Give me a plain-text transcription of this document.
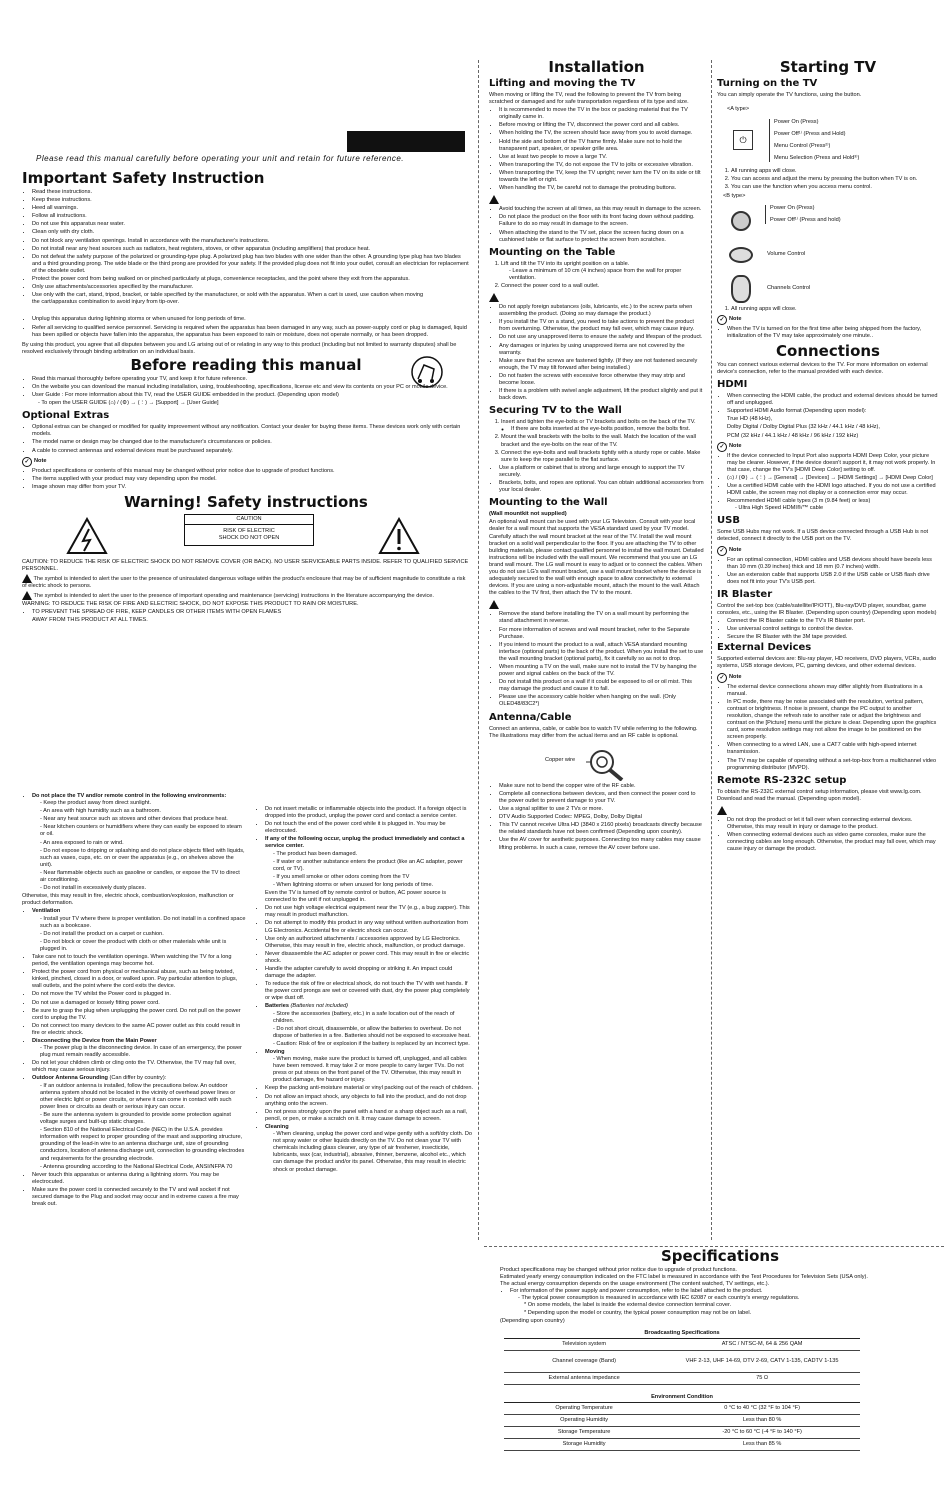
Please read this manual carefully before operating your unit and retain for future reference.
Important Safety Instruction
• Read these instructions.
• Keep these instructions.
• Heed all warnings.
• Follow all instructions.
• Do not use this apparatus near water.
• Clean only with dry cloth.
• Do not block any ventilation openings. Install in accordance with the manufacturer's instructions.
• Do not install near any heat sources such as radiators, heat registers, stoves, or other apparatus (including amplifiers) that produce heat.
• Do not defeat the safety purpose of the polarized or grounding-type plug. A polarized plug has two blades with one wider than the other. A grounding type plug has two blades and a third grounding prong. The wide blade or the third prong are provided for your safety. If the provided plug does not fit into your outlet, consult an electrician for replacement of the obsolete outlet.
• Protect the power cord from being walked on or pinched particularly at plugs, convenience receptacles, and the point where they exit from the apparatus.
• Only use attachments/accessories specified by the manufacturer.
• Use only with the cart, stand, tripod, bracket, or table specified by the manufacturer, or sold with the apparatus. When a cart is used, use caution when moving the cart/apparatus combination to avoid injury from tip-over.
• Unplug this apparatus during lightning storms or when unused for long periods of time.
• Refer all servicing to qualified service personnel. Servicing is required when the apparatus has been damaged in any way, such as power-supply cord or plug is damaged, liquid has been spilled or objects have fallen into the apparatus, the apparatus has been exposed to rain or moisture, does not operate normally, or has been dropped.

By using this product, you agree that all disputes between you and LG arising out of or relating in any way to this product (including but not limited to warranty disputes) shall be resolved exclusively through binding arbitration on an individual basis.

Before reading this manual
• Read this manual thoroughly before operating your TV, and keep it for future reference.
• On the website you can download the manual including installation, using, troubleshooting, specifications, license etc and view its contents on your PC or mobile device.
• User Guide : For more information about this TV, read the USER GUIDE embedded in the product. (Depending upon model)
- To open the USER GUIDE (⌂) / (⚙) → (⋮) → [Support] → [User Guide]
Optional Extras
• Optional extras can be changed or modified for quality improvement without any notification. Contact your dealer for buying these items. These devices work only with certain models.
• The model name or design may be changed due to the manufacturer's circumstances or policies.
• A cable to connect antennas and external devices must be purchased separately.
✓ Note
• Product specifications or contents of this manual may be changed without prior notice due to upgrade of product functions.
• The items supplied with your product may vary depending upon the model.
• Image shown may differ from your TV.
Warning! Safety instructions
CAUTION
RISK OF ELECTRIC SHOCK DO NOT OPEN

CAUTION: TO REDUCE THE RISK OF ELECTRIC SHOCK DO NOT REMOVE COVER (OR BACK). NO USER SERVICEABLE PARTS INSIDE. REFER TO QUALIFIED SERVICE PERSONNEL.

The symbol is intended to alert the user to the presence of uninsulated dangerous voltage within the product's enclosure that may be of sufficient magnitude to constitute a risk of electric shock to persons.

The symbol is intended to alert the user to the presence of important operating and maintenance (servicing) instructions in the literature accompanying the device.

WARNING: TO REDUCE THE RISK OF FIRE AND ELECTRIC SHOCK, DO NOT EXPOSE THIS PRODUCT TO RAIN OR MOISTURE.

• TO PREVENT THE SPREAD OF FIRE, KEEP CANDLES OR OTHER ITEMS WITH OPEN FLAMES AWAY FROM THIS PRODUCT AT ALL TIMES.
• Do not place the TV and/or remote control in the following environments:
- Keep the product away from direct sunlight.
- An area with high humidity such as a bathroom.
- Near any heat source such as stoves and other devices that produce heat.
- Near kitchen counters or humidifiers where they can easily be exposed to steam or oil.
- An area exposed to rain or wind.
- Do not expose to dripping or splashing and do not place objects filled with liquids, such as vases, cups, etc. on or over the apparatus (e.g., on shelves above the unit).
- Near flammable objects such as gasoline or candles, or expose the TV to direct air conditioning.
- Do not install in excessively dusty places.

Otherwise, this may result in fire, electric shock, combustion/explosion, malfunction or product deformation.

• Ventilation
- Install your TV where there is proper ventilation. Do not install in a confined space such as a bookcase.
- Do not install the product on a carpet or cushion.
- Do not block or cover the product with cloth or other materials while unit is plugged in.
• Take care not to touch the ventilation openings. When watching the TV for a long period, the ventilation openings may become hot.
• Protect the power cord from physical or mechanical abuse, such as being twisted, kinked, pinched, closed in a door, or walked upon. Pay particular attention to plugs, wall outlets, and the point where the cord exits the device.
• Do not move the TV whilst the Power cord is plugged in.
• Do not use a damaged or loosely fitting power cord.
• Be sure to grasp the plug when unplugging the power cord. Do not pull on the power cord to unplug the TV.
• Do not connect too many devices to the same AC power outlet as this could result in fire or electric shock.
• Disconnecting the Device from the Main Power
- The power plug is the disconnecting device. In case of an emergency, the power plug must remain readily accessible.
• Do not let your children climb or cling onto the TV. Otherwise, the TV may fall over, which may cause serious injury.
• Outdoor Antenna Grounding (Can differ by country):
- If an outdoor antenna is installed, follow the precautions below. An outdoor antenna system should not be located in the vicinity of overhead power lines or other electric light or power circuits, or where it can come in contact with such power lines or circuits as death or serious injury can occur.
- Be sure the antenna system is grounded to provide some protection against voltage surges and built-up static charges.
- Section 810 of the National Electrical Code (NEC) in the U.S.A. provides information with respect to proper grounding of the mast and supporting structure, grounding of the lead-in wire to an antenna discharge unit, size of grounding conductors, location of antenna discharge unit, connection to grounding electrodes and requirements for the grounding electrode.
- Antenna grounding according to the National Electrical Code, ANSI/NFPA 70
• Never touch this apparatus or antenna during a lightning storm. You may be electrocuted.
• Make sure the power cord is connected securely to the TV and wall socket if not secured damage to the Plug and socket may occur and in extreme cases a fire may break out.
• Do not insert metallic or inflammable objects into the product. If a foreign object is dropped into the product, unplug the power cord and contact a service center.
• Do not touch the end of the power cord while it is plugged in. You may be electrocuted.
• If any of the following occur, unplug the product immediately and contact a service center.
- The product has been damaged.
- If water or another substance enters the product (like an AC adapter, power cord, or TV).
- If you smell smoke or other odors coming from the TV
- When lightning storms or when unused for long periods of time.

Even the TV is turned off by remote control or button, AC power source is connected to the unit if not unplugged in.

• Do not use high voltage electrical equipment near the TV (e.g., a bug zapper). This may result in product malfunction.
• Do not attempt to modify this product in any way without written authorization from LG Electronics. Accidental fire or electric shock can occur.
• Use only an authorized attachments / accessories approved by LG Electronics. Otherwise, this may result in fire, electric shock, malfunction, or product damage.
• Never disassemble the AC adapter or power cord. This may result in fire or electric shock.
• Handle the adapter carefully to avoid dropping or striking it. An impact could damage the adapter.
• To reduce the risk of fire or electrical shock, do not touch the TV with wet hands. If the power cord prongs are wet or covered with dust, dry the power plug completely or wipe dust off.
• Batteries (Batteries not included)
- Store the accessories (battery, etc.) in a safe location out of the reach of children.
- Do not short circuit, disassemble, or allow the batteries to overheat. Do not dispose of batteries in a fire. Batteries should not be exposed to excessive heat.
- Caution: Risk of fire or explosion if the battery is replaced by an incorrect type.
• Moving
- When moving, make sure the product is turned off, unplugged, and all cables have been removed. It may take 2 or more people to carry larger TVs. Do not press or put stress on the front panel of the TV. Otherwise, this may result in product damage, fire hazard or injury.
• Keep the packing anti-moisture material or vinyl packing out of the reach of children.
• Do not allow an impact shock, any objects to fall into the product, and do not drop anything onto the screen.
• Do not press strongly upon the panel with a hand or a sharp object such as a nail, pencil, or pen, or make a scratch on it. It may cause damage to screen.
• Cleaning
- When cleaning, unplug the power cord and wipe gently with a soft/dry cloth. Do not spray water or other liquids directly on the TV. Do not clean your TV with chemicals including glass cleaner, any type of air freshener, insecticide, lubricants, wax (car, industrial), abrasive, thinner, benzene, alcohol etc., which can damage the product and/or its panel. Otherwise, this may result in electric shock or product damage.
Installation
Lifting and moving the TV

When moving or lifting the TV, read the following to prevent the TV from being scratched or damaged and for safe transportation regardless of its type and size.

• It is recommended to move the TV in the box or packing material that the TV originally came in.
• Before moving or lifting the TV, disconnect the power cord and all cables.
• When holding the TV, the screen should face away from you to avoid damage.
• Hold the side and bottom of the TV frame firmly. Make sure not to hold the transparent part, speaker, or speaker grille area.
• Use at least two people to move a large TV.
• When transporting the TV, do not expose the TV to jolts or excessive vibration.
• When transporting the TV, keep the TV upright; never turn the TV on its side or tilt towards the left or right.
• When handling the TV, be careful not to damage the protruding buttons.
• Avoid touching the screen at all times, as this may result in damage to the screen.
• Do not place the product on the floor with its front facing down without padding. Failure to do so may result in damage to the screen.
• When attaching the stand to the TV set, place the screen facing down on a cushioned table or flat surface to protect the screen from scratches.
Mounting on the Table
1. Lift and tilt the TV into its upright position on a table.
- Leave a minimum of 10 cm (4 inches) space from the wall for proper ventilation.
2. Connect the power cord to a wall outlet.
• Do not apply foreign substances (oils, lubricants, etc.) to the screw parts when assembling the product. (Doing so may damage the product.)
• If you install the TV on a stand, you need to take actions to prevent the product from overturning. Otherwise, the product may fall over, which may cause injury.
• Do not use any unapproved items to ensure the safety and lifespan of the product.
• Any damages or injuries by using unapproved items are not covered by the warranty.
• Make sure that the screws are fastened tightly. (If they are not fastened securely enough, the TV may tilt forward after being installed.)
• Do not fasten the screws with excessive force otherwise they may strip and become loose.
• If there is a problem with swivel angle adjustment, lift the product slightly and put it back down.
Securing TV to the Wall
1. Insert and tighten the eye-bolts or TV brackets and bolts on the back of the TV.
◦ If there are bolts inserted at the eye-bolts position, remove the bolts first.
2. Mount the wall brackets with the bolts to the wall. Match the location of the wall bracket and the eye-bolts on the rear of the TV.
3. Connect the eye-bolts and wall brackets tightly with a sturdy rope or cable. Make sure to keep the rope parallel to the flat surface.
• Use a platform or cabinet that is strong and large enough to support the TV securely.
• Brackets, bolts, and ropes are optional. You can obtain additional accessories from your local dealer.
Mounting to the Wall

(Wall mountkit not supplied)

An optional wall mount can be used with your LG Television. Consult with your local dealer for a wall mount that supports the VESA standard used by your TV model. Carefully attach the wall mount bracket at the rear of the TV. Install the wall mount bracket on a solid wall perpendicular to the floor. If you are attaching the TV to other building materials, please contact qualified personnel to install the wall mount. Detailed instructions will be included with the wall mount. We recommend that you use an LG brand wall mount. The LG wall mount is easy to adjust or to connect the cables. When you do not use LG's wall mount bracket, use a wall mount bracket where the device is adequately secured to the wall with enough space to allow connectivity to external devices. If you are using a non-adjustable mount, attach the mount to the wall. Attach the cables to the TV first, then attach the TV to the mount.

• Remove the stand before installing the TV on a wall mount by performing the stand attachment in reverse.
• For more information of screws and wall mount bracket, refer to the Separate Purchase.
• If you intend to mount the product to a wall, attach VESA standard mounting interface (optional parts) to the back of the product. When you install the set to use the wall mounting bracket (optional parts), fix it carefully so as not to drop.
• When mounting a TV on the wall, make sure not to install the TV by hanging the power and signal cables on the back of the TV.
• Do not install this product on a wall if it could be exposed to oil or oil mist. This may damage the product and cause it to fall.
• Please use the accessory cable holder when hanging on the wall. (Only OLED48/83C2*)
Antenna/Cable

Connect an antenna, cable, or cable box to watch TV while referring to the following. The illustrations may differ from the actual items and an RF cable is optional.

Copper wire
• Make sure not to bend the copper wire of the RF cable.
• Complete all connections between devices, and then connect the power cord to the power outlet to prevent damage to your TV.
• Use a signal splitter to use 2 TVs or more.
• DTV Audio Supported Codec: MPEG, Dolby, Dolby Digital
• This TV cannot receive Ultra HD (3840 x 2160 pixels) broadcasts directly because the related standards have not been confirmed (Depending upon country).
• Use the AV cover for aesthetic purposes. Connecting too many cables may cause lifting problems. In such a case, remove the AV cover before use.
Starting TV
Turning on the TV

You can simply operate the TV functions, using the button.

<A type>

⏻
Power On (Press)
Power Off¹⁾ (Press and Hold)
Menu Control (Press²⁾)
Menu Selection (Press and Hold³⁾)
1. All running apps will close.
2. You can access and adjust the menu by pressing the button when TV is on.
3. You can use the function when you access menu control.

<B type>

Power On (Press)
Power Off¹⁾ (Press and hold)
Volume Control
Channels Control
1. All running apps will close.
✓ Note
• When the TV is turned on for the first time after being shipped from the factory, initialization of the TV may take approximately one minute..
Connections

You can connect various external devices to the TV. For more information on external device's connection, refer to the manual provided with each device.

HDMI
• When connecting the HDMI cable, the product and external devices should be turned off and unplugged.
• Supported HDMI Audio format (Depending upon model):

True HD (48 kHz),

Dolby Digital / Dolby Digital Plus (32 kHz / 44.1 kHz / 48 kHz),

PCM (32 kHz / 44.1 kHz / 48 kHz / 96 kHz / 192 kHz)

✓ Note
• If the device connected to Input Port also supports HDMI Deep Color, your picture may be clearer. However, if the device doesn't support it, it may not work properly. In that case, change the TV's [HDMI Deep Color] setting to off.
• (⌂) / (⚙) → (⋮) → [General] → [Devices] → [HDMI Settings] → [HDMI Deep Color]
• Use a certified HDMI cable with the HDMI logo attached. If you do not use a certified HDMI cable, the screen may not display or a connection error may occur.
• Recommended HDMI cable types (3 m (9.84 feet) or less)
- Ultra High Speed HDMI®/™ cable
USB

Some USB Hubs may not work. If a USB device connected through a USB Hub is not detected, connect it directly to the USB port on the TV.

✓ Note
• For an optimal connection, HDMI cables and USB devices should have bezels less than 10 mm (0.39 inches) thick and 18 mm (0.7 inches) width.
• Use an extension cable that supports USB 2.0 if the USB cable or USB flash drive does not fit into your TV's USB port.
IR Blaster

Control the set-top box (cable/satellite/IP/OTT), Blu-ray/DVD player, soundbar, game consoles, etc., using the IR Blaster. (Depending upon country) (Depending upon models)

• Connect the IR Blaster cable to the TV's IR Blaster port.
• Use universal control settings to control the device.
• Secure the IR Blaster with the 3M tape provided.
External Devices

Supported external devices are: Blu-ray player, HD receivers, DVD players, VCRs, audio systems, USB storage devices, PC, gaming devices, and other external devices.

✓ Note
• The external device connections shown may differ slightly from illustrations in a manual.
• In PC mode, there may be noise associated with the resolution, vertical pattern, contrast or brightness. If noise is present, change the PC output to another resolution, change the refresh rate to another rate or adjust the brightness and contrast on the [Picture] menu until the picture is clear. Depending upon the graphics card, some resolution settings may not allow the image to be positioned on the screen properly.
• When connecting to a wired LAN, use a CAT7 cable with high-speed internet transmission.
• The TV may be capable of operating without a set-top-box from a multichannel video programming distributor (MVPD).
Remote RS-232C setup

To obtain the RS-232C external control setup information, please visit www.lg.com. Download and read the manual. (Depending upon model).

• Do not drop the product or let it fall over when connecting external devices. Otherwise, this may result in injury or damage to the product.
• When connecting external devices such as video game consoles, make sure the connecting cables are long enough. Otherwise, the product may fall over, which may cause injury or damage the product.
Specifications

Product specifications may be changed without prior notice due to upgrade of product functions.

Estimated yearly energy consumption indicated on the FTC label is measured in accordance with the Test Procedures for Television Sets (USA only).

The actual energy consumption depends on the usage environment (The content watched, TV settings, etc.).

• For information of the power supply and power consumption, refer to the label attached to the product.
- The typical power consumption is measured in accordance with IEC 62087 or each country's energy regulations.
* On some models, the label is inside the external device connection terminal cover.
* Depending upon the model or country, the typical power consumption may not be on label.

(Depending upon country)

Broadcasting Specifications	
Television system	ATSC / NTSC-M, 64 & 256 QAM
Channel coverage (Band)	VHF 2-13, UHF 14-69, DTV 2-69, CATV 1-135, CADTV 1-135
External antenna impedance	75 Ω

Environment Condition	
Operating Temperature	0 °C to 40 °C (32 °F to 104 °F)
Operating Humidity	Less than 80 %
Storage Temperature	-20 °C to 60 °C (-4 °F to 140 °F)
Storage Humidity	Less than 85 %
